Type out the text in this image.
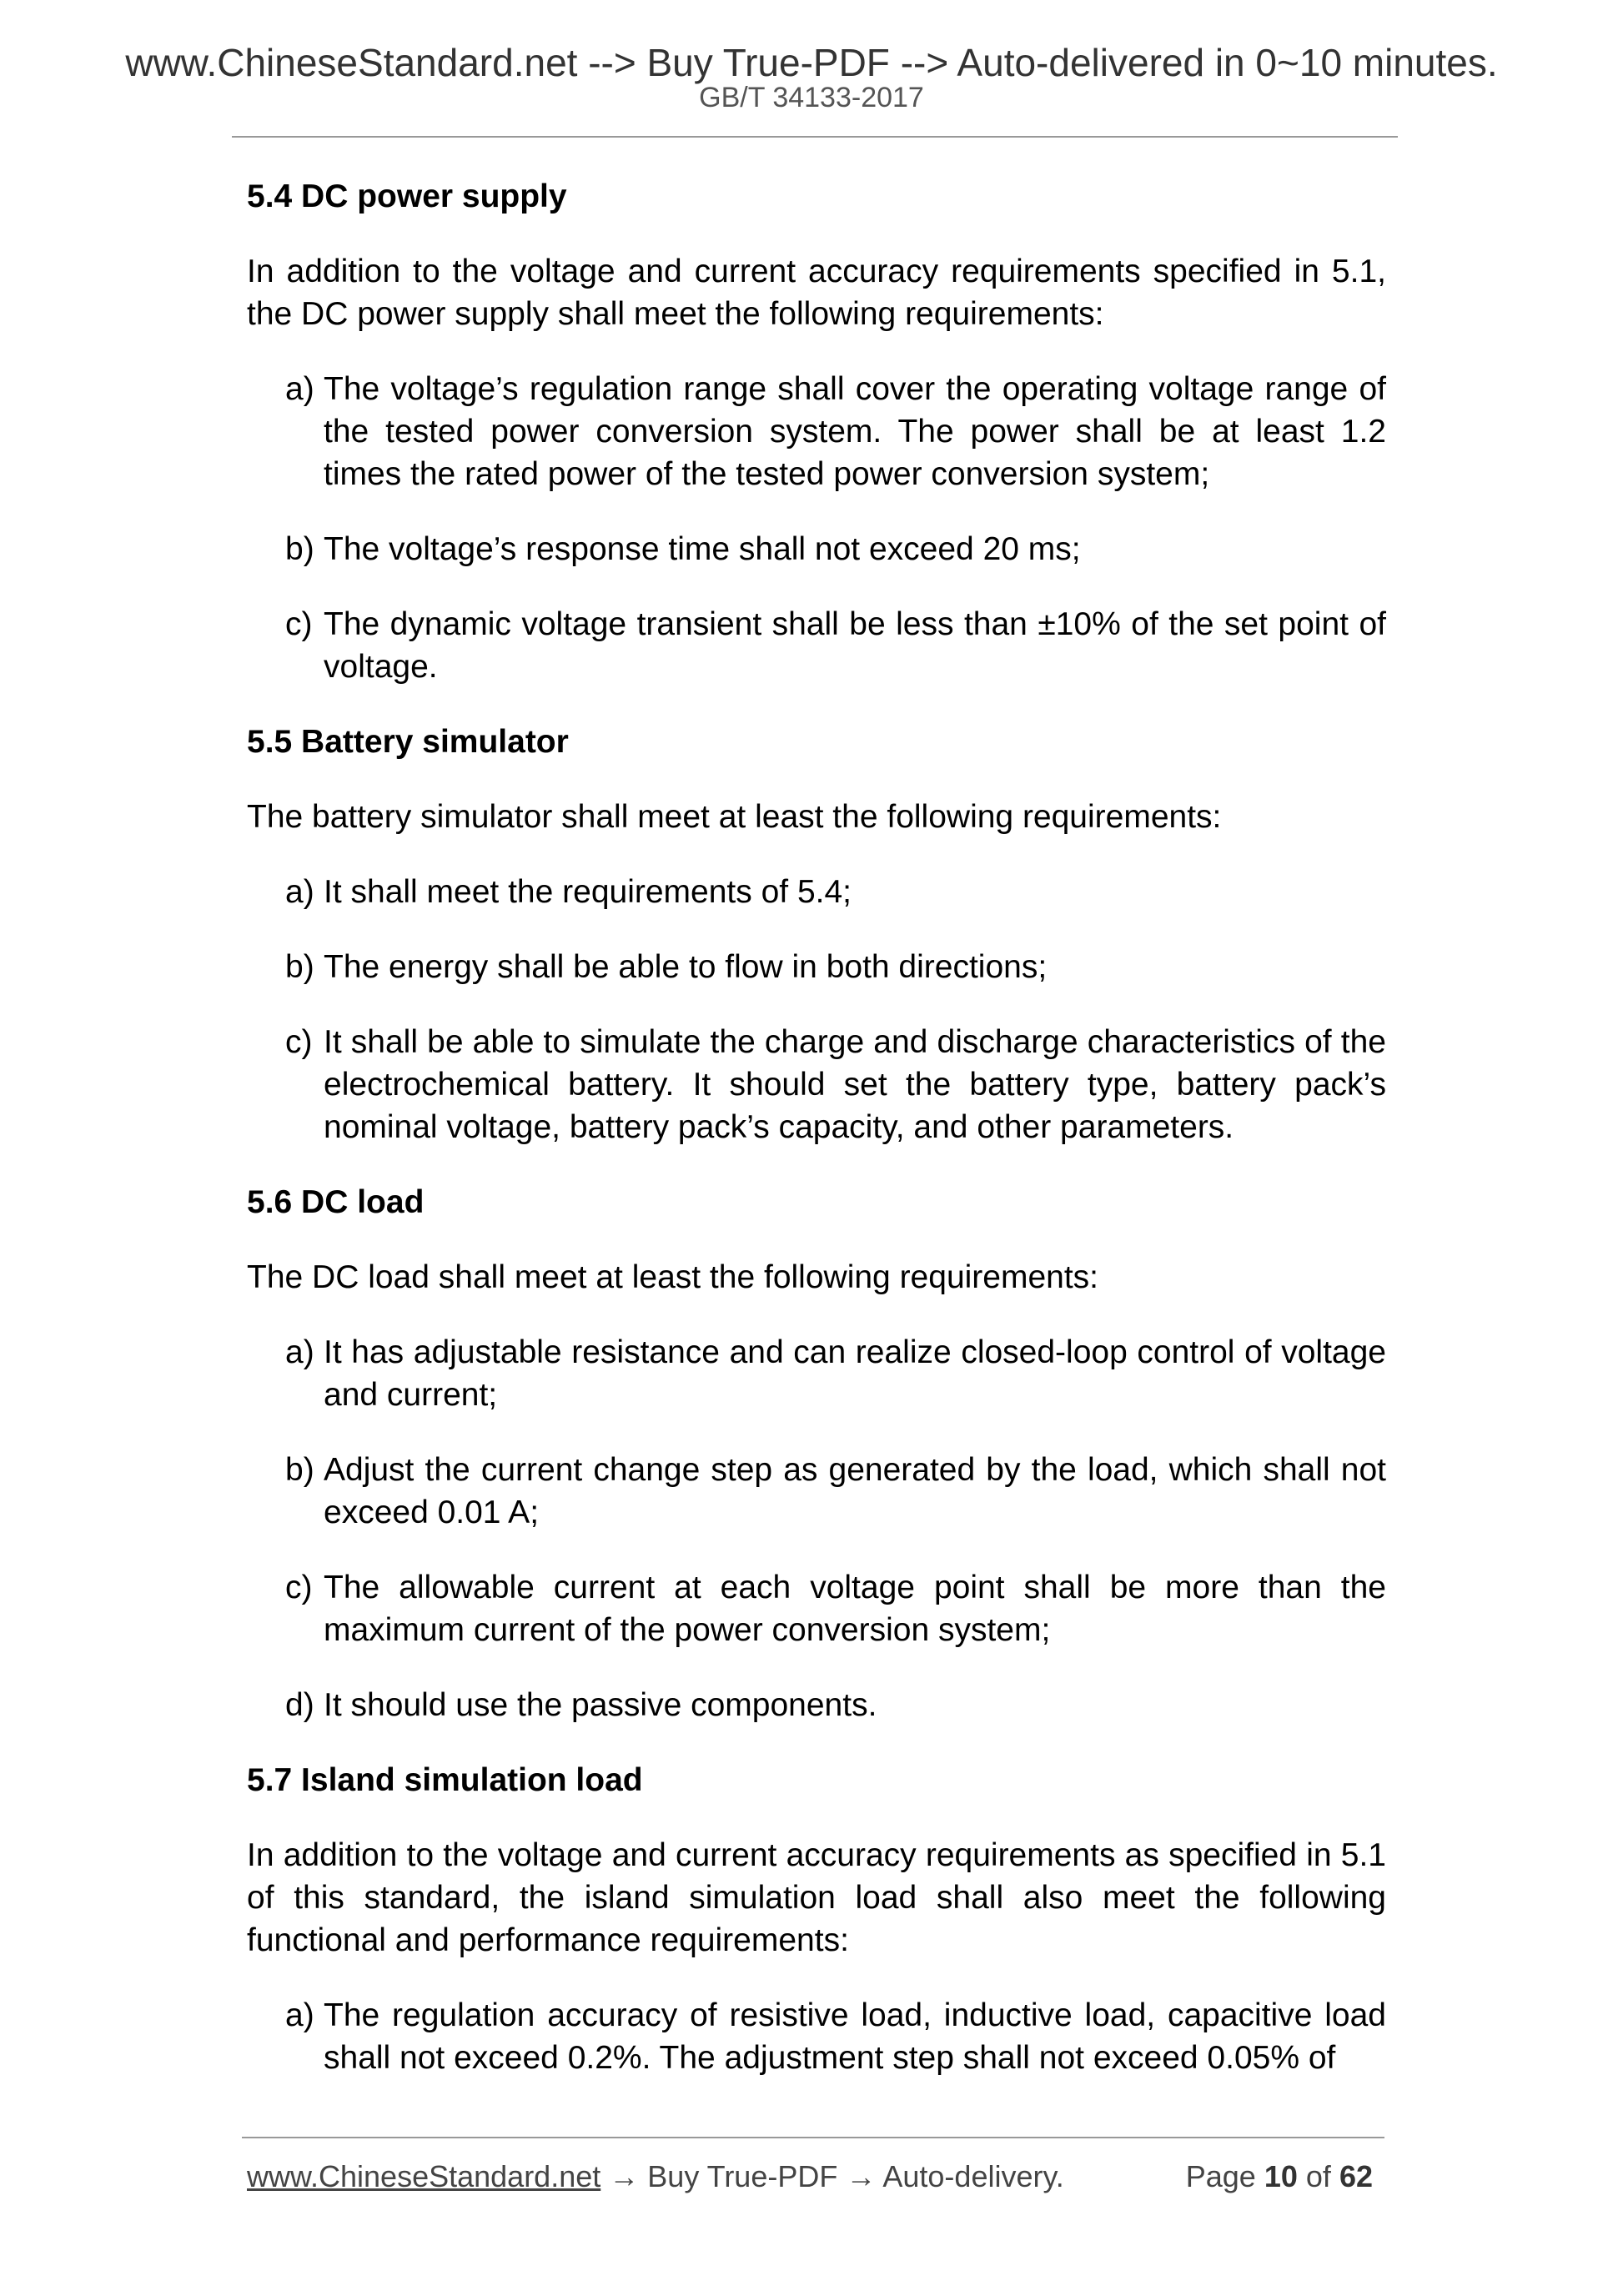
www.ChineseStandard.net --> Buy True-PDF --> Auto-delivered in 0~10 minutes.
GB/T 34133-2017
5.4 DC power supply

In addition to the voltage and current accuracy requirements specified in 5.1, the DC power supply shall meet the following requirements:

a) The voltage’s regulation range shall cover the operating voltage range of the tested power conversion system. The power shall be at least 1.2 times the rated power of the tested power conversion system;
b) The voltage’s response time shall not exceed 20 ms;
c) The dynamic voltage transient shall be less than ±10% of the set point of voltage.
5.5 Battery simulator

The battery simulator shall meet at least the following requirements:

a) It shall meet the requirements of 5.4;
b) The energy shall be able to flow in both directions;
c) It shall be able to simulate the charge and discharge characteristics of the electrochemical battery. It should set the battery type, battery pack’s nominal voltage, battery pack’s capacity, and other parameters.
5.6 DC load

The DC load shall meet at least the following requirements:

a) It has adjustable resistance and can realize closed-loop control of voltage and current;
b) Adjust the current change step as generated by the load, which shall not exceed 0.01 A;
c) The allowable current at each voltage point shall be more than the maximum current of the power conversion system;
d) It should use the passive components.
5.7 Island simulation load

In addition to the voltage and current accuracy requirements as specified in 5.1 of this standard, the island simulation load shall also meet the following functional and performance requirements:

a) The regulation accuracy of resistive load, inductive load, capacitive load shall not exceed 0.2%. The adjustment step shall not exceed 0.05% of
www.ChineseStandard.net → Buy True-PDF → Auto-delivery.	Page 10 of 62
